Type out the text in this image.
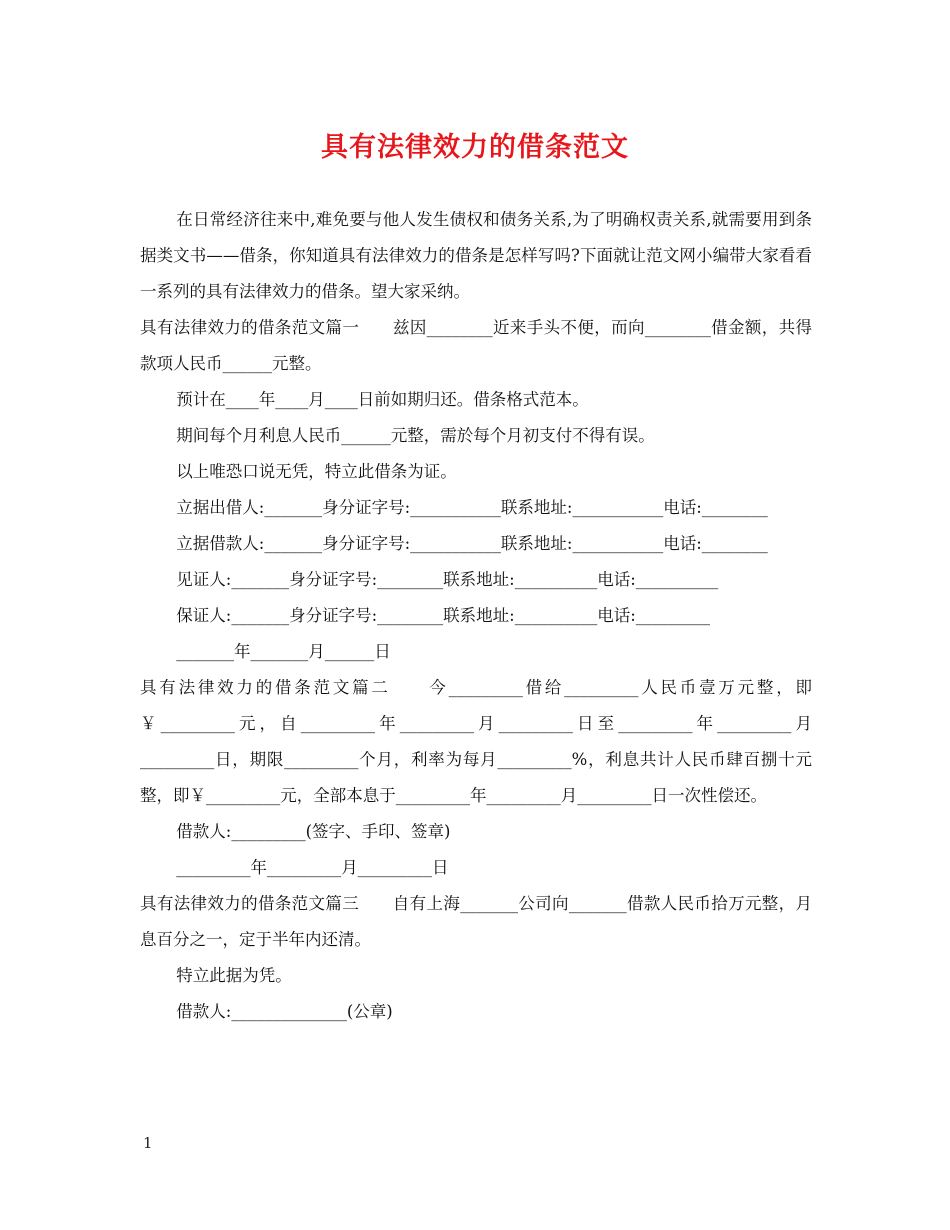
具有法律效力的借条范文

在日常经济往来中,难免要与他人发生债权和债务关系,为了明确权责关系,就需要用到条据类文书——借条，你知道具有法律效力的借条是怎样写吗?下面就让范文网小编带大家看看一系列的具有法律效力的借条。望大家采纳。

具有法律效力的借条范文篇一　　兹因________近来手头不便，而向________借金额，共得款项人民币______元整。

预计在____年____月____日前如期归还。借条格式范本。

期间每个月利息人民币______元整，需於每个月初支付不得有误。

以上唯恐口说无凭，特立此借条为证。

立据出借人:_______身分证字号:___________联系地址:___________电话:________

立据借款人:_______身分证字号:___________联系地址:___________电话:________

见证人:_______身分证字号:________联系地址:__________电话:__________

保证人:_______身分证字号:________联系地址:__________电话:_________

_______年_______月______日

具有法律效力的借条范文篇二　　今_________借给_________人民币壹万元整，即￥_________元，自_________年_________月_________日至_________年_________月_________日，期限_________个月，利率为每月_________%，利息共计人民币肆百捌十元整，即￥_________元，全部本息于_________年_________月_________日一次性偿还。

借款人:_________(签字、手印、签章)

_________年_________月_________日

具有法律效力的借条范文篇三　　自有上海_______公司向_______借款人民币拾万元整，月息百分之一，定于半年内还清。

特立此据为凭。

借款人:______________(公章)

1
